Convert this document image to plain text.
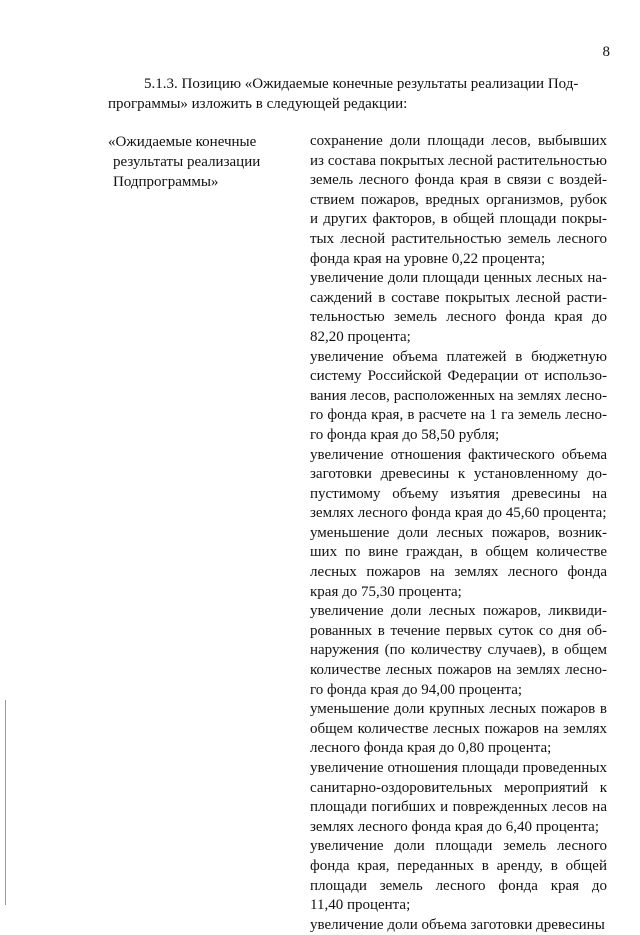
8

5.1.3. Позицию «Ожидаемые конечные результаты реализации Под-
программы» изложить в следующей редакции:

«Ожидаемые конечные
результаты реализации
Подпрограммы»

сохранение доли площади лесов, выбывших
из состава покрытых лесной растительностью
земель лесного фонда края в связи с воздей-
ствием пожаров, вредных организмов, рубок
и других факторов, в общей площади покры-
тых лесной растительностью земель лесного
фонда края на уровне 0,22 процента;

увеличение доли площади ценных лесных на-
саждений в составе покрытых лесной расти-
тельностью земель лесного фонда края до
82,20 процента;

увеличение объема платежей в бюджетную
систему Российской Федерации от использо-
вания лесов, расположенных на землях лесно-
го фонда края, в расчете на 1 га земель лесно-
го фонда края до 58,50 рубля;

увеличение отношения фактического объема
заготовки древесины к установленному до-
пустимому объему изъятия древесины на
землях лесного фонда края до 45,60 процента;

уменьшение доли лесных пожаров, возник-
ших по вине граждан, в общем количестве
лесных пожаров на землях лесного фонда
края до 75,30 процента;

увеличение доли лесных пожаров, ликвиди-
рованных в течение первых суток со дня об-
наружения (по количеству случаев), в общем
количестве лесных пожаров на землях лесно-
го фонда края до 94,00 процента;

уменьшение доли крупных лесных пожаров в
общем количестве лесных пожаров на землях
лесного фонда края до 0,80 процента;

увеличение отношения площади проведенных
санитарно-оздоровительных мероприятий к
площади погибших и поврежденных лесов на
землях лесного фонда края до 6,40 процента;

увеличение доли площади земель лесного
фонда края, переданных в аренду, в общей
площади земель лесного фонда края до
11,40 процента;

увеличение доли объема заготовки древесины
